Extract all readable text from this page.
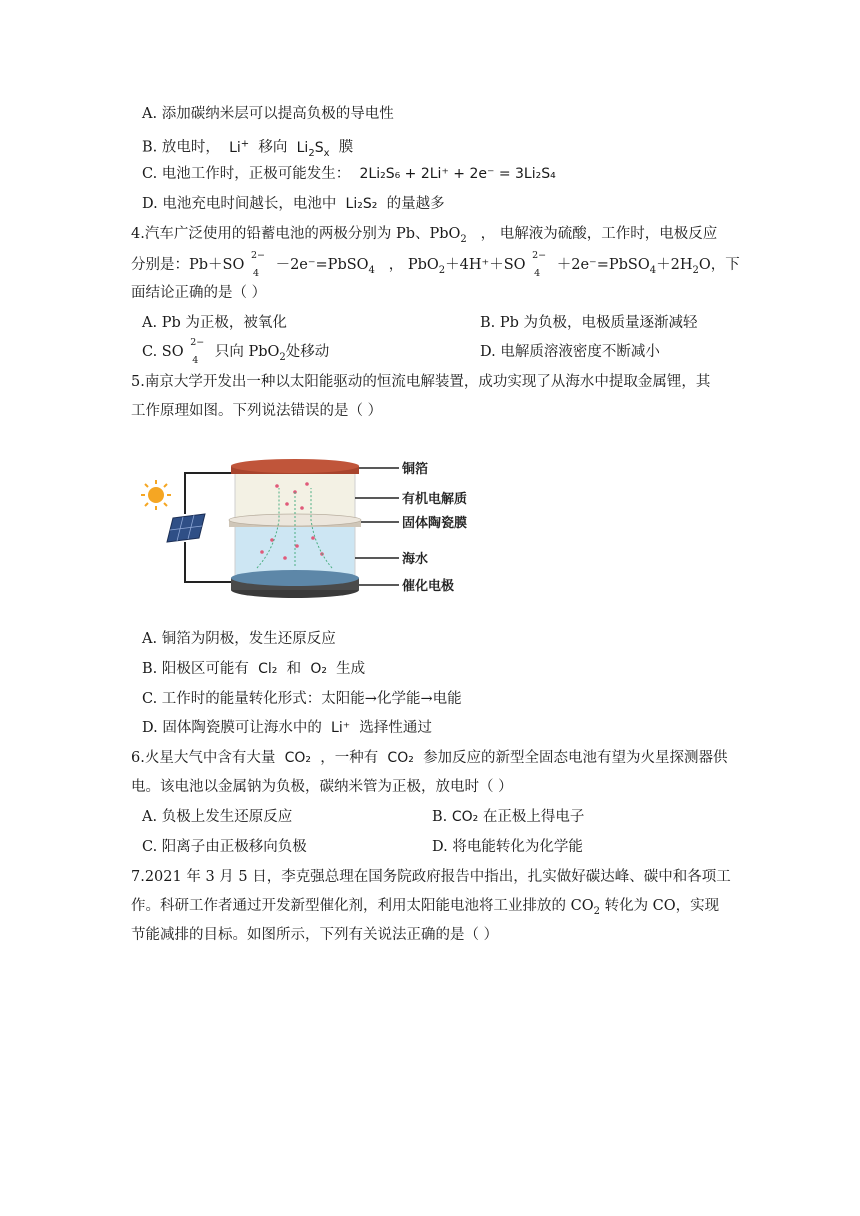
A. 添加碳纳米层可以提高负极的导电性
B. 放电时， Li+ 移向 $Li_2S_x$ 膜
C. 电池工作时，正极可能发生： 2Li₂S₆ + 2Li⁺ + 2e⁻ = 3Li₂S₄
D. 电池充电时间越长，电池中 Li₂S₂ 的量越多
4.汽车广泛使用的铅蓄电池的两极分别为 Pb、PbO$_2$ ， 电解液为硫酸，工作时，电极反应
分别是：Pb＋SO
2−
4
－2e⁻=PbSO$_4$ ， PbO$_2$＋4H⁺＋SO
2−
4
$+2e^-=PbSO_4+2H_2O$，下
面结论正确的是（ ）
A. Pb 为正极，被氧化	B. Pb 为负极，电极质量逐渐减轻
C. SO
2−
4
只向 PbO$_2$处移动	D. 电解质溶液密度不断减小
5.南京大学开发出一种以太阳能驱动的恒流电解装置，成功实现了从海水中提取金属锂，其
工作原理如图。下列说法错误的是（ ）
铜箔
有机电解质
固体陶瓷膜
海水
催化电极
A. 铜箔为阴极，发生还原反应
B. 阳极区可能有 Cl₂ 和 O₂ 生成
C. 工作时的能量转化形式：太阳能→化学能→电能
D. 固体陶瓷膜可让海水中的 Li⁺ 选择性通过
6.火星大气中含有大量 CO₂ ，一种有 CO₂ 参加反应的新型全固态电池有望为火星探测器供
电。该电池以金属钠为负极，碳纳米管为正极，放电时（ ）
A. 负极上发生还原反应	B. CO₂ 在正极上得电子
C. 阳离子由正极移向负极	D. 将电能转化为化学能
7.2021 年 3 月 5 日，李克强总理在国务院政府报告中指出，扎实做好碳达峰、碳中和各项工
作。科研工作者通过开发新型催化剂，利用太阳能电池将工业排放的 $CO_2$ 转化为 CO，实现
节能减排的目标。如图所示，下列有关说法正确的是（ ）
